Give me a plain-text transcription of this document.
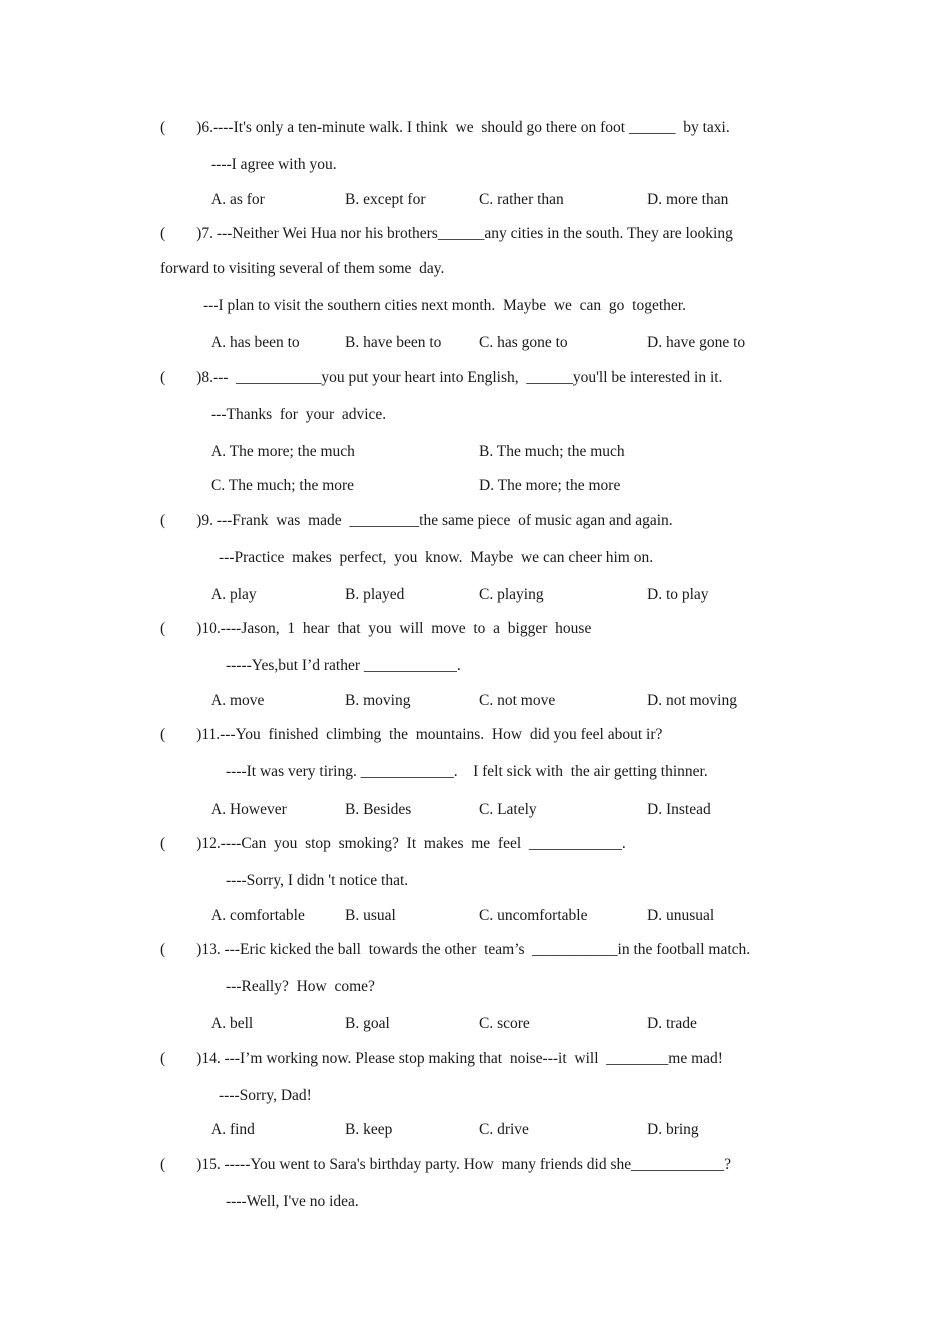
(        )6.----It's only a ten-minute walk. I think  we  should go there on foot ______  by taxi.
----I agree with you.
A. as for	B. except for	C. rather than	D. more than
(        )7. ---Neither Wei Hua nor his brothers______any cities in the south. They are looking
forward to visiting several of them some  day.
---I plan to visit the southern cities next month.  Maybe  we  can  go  together.
A. has been to	B. have been to C. has gone to	D. have gone to
(        )8.---  ___________you put your heart into English,  ______you'll be interested in it.
---Thanks  for  your  advice.
A. The more; the much	B. The much; the much
C. The much; the more	D. The more; the more
(        )9. ---Frank  was  made  _________the same piece  of music agan and again.
---Practice  makes  perfect,  you  know.  Maybe  we can cheer him on.
A. play	B. played	C. playing	D. to play
(        )10.----Jason,  1  hear  that  you  will  move  to  a  bigger  house
-----Yes,but I’d rather ____________.
A. move	B. moving	C. not move	D. not moving
(        )11.---You  finished  climbing  the  mountains.  How  did you feel about ir?
----It was very tiring. ____________.    I felt sick with  the air getting thinner.
A. However	B. Besides	C. Lately	D. Instead
(        )12.----Can  you  stop  smoking?  It  makes  me  feel  ____________.
----Sorry, I didn 't notice that.
A. comfortable	B. usual	C. uncomfortable	D. unusual
(        )13. ---Eric kicked the ball  towards the other  team’s  ___________in the football match.
---Really?  How  come?
A. bell	B. goal	C. score	D. trade
(        )14. ---I’m working now. Please stop making that  noise---it  will  ________me mad!
----Sorry, Dad!
A. find	B. keep	C. drive	D. bring
(        )15. -----You went to Sara's birthday party. How  many friends did she____________?
----Well, I've no idea.
